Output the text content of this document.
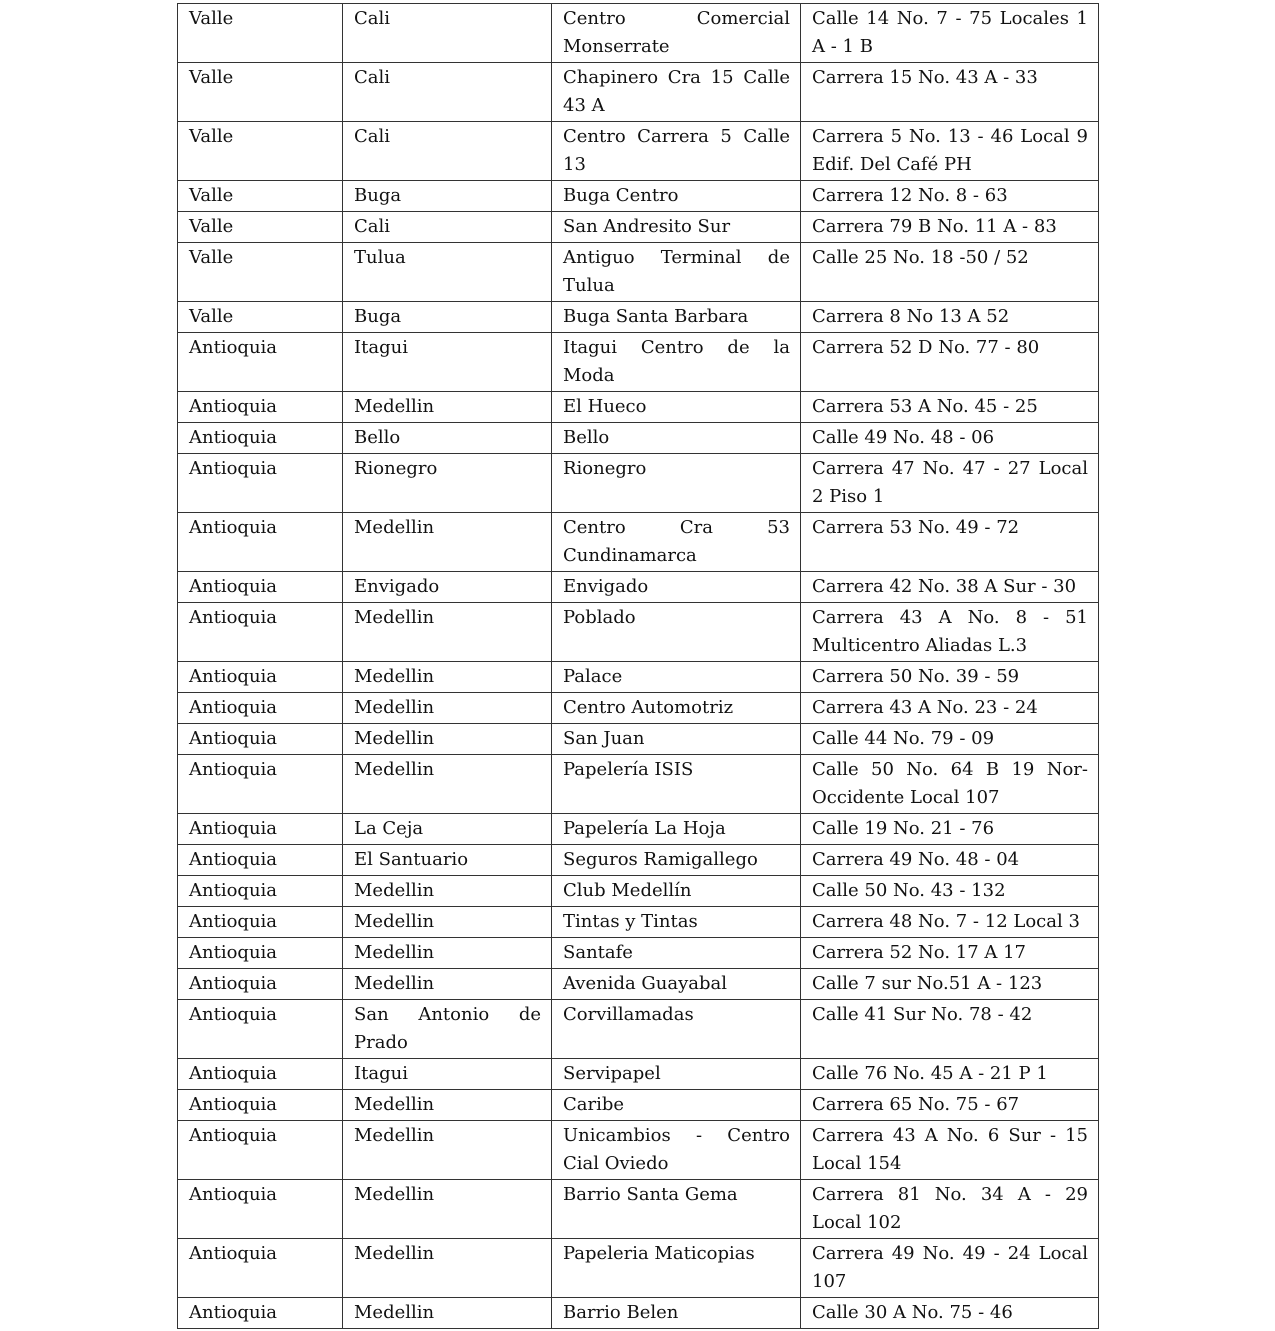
Valle	Cali	Centro Comercial Monserrate	Calle 14 No. 7 - 75 Locales 1 A - 1 B
Valle	Cali	Chapinero Cra 15 Calle 43 A	Carrera 15 No. 43 A - 33
Valle	Cali	Centro Carrera 5 Calle 13	Carrera 5 No. 13 - 46 Local 9 Edif. Del Café PH
Valle	Buga	Buga Centro	Carrera 12 No. 8 - 63
Valle	Cali	San Andresito Sur	Carrera 79 B No. 11 A - 83
Valle	Tulua	Antiguo Terminal de Tulua	Calle 25 No. 18 -50 / 52
Valle	Buga	Buga Santa Barbara	Carrera 8 No 13 A 52
Antioquia	Itagui	Itagui Centro de la Moda	Carrera 52 D No. 77 - 80
Antioquia	Medellin	El Hueco	Carrera 53 A No. 45 - 25
Antioquia	Bello	Bello	Calle 49 No. 48 - 06
Antioquia	Rionegro	Rionegro	Carrera 47 No. 47 - 27 Local 2 Piso 1
Antioquia	Medellin	Centro Cra 53 Cundinamarca	Carrera 53 No. 49 - 72
Antioquia	Envigado	Envigado	Carrera 42 No. 38 A Sur - 30
Antioquia	Medellin	Poblado	Carrera 43 A No. 8 - 51 Multicentro Aliadas L.3
Antioquia	Medellin	Palace	Carrera 50 No. 39 - 59
Antioquia	Medellin	Centro Automotriz	Carrera 43 A No. 23 - 24
Antioquia	Medellin	San Juan	Calle 44 No. 79 - 09
Antioquia	Medellin	Papelería ISIS	Calle 50 No. 64 B 19 Nor-Occidente Local 107
Antioquia	La Ceja	Papelería La Hoja	Calle 19 No. 21 - 76
Antioquia	El Santuario	Seguros Ramigallego	Carrera 49 No. 48 - 04
Antioquia	Medellin	Club Medellín	Calle 50 No. 43 - 132
Antioquia	Medellin	Tintas y Tintas	Carrera 48 No. 7 - 12 Local 3
Antioquia	Medellin	Santafe	Carrera 52 No. 17 A 17
Antioquia	Medellin	Avenida Guayabal	Calle 7 sur No.51 A - 123
Antioquia	San Antonio de Prado	Corvillamadas	Calle 41 Sur No. 78 - 42
Antioquia	Itagui	Servipapel	Calle 76 No. 45 A - 21 P 1
Antioquia	Medellin	Caribe	Carrera 65 No. 75 - 67
Antioquia	Medellin	Unicambios - Centro Cial Oviedo	Carrera 43 A No. 6 Sur - 15 Local 154
Antioquia	Medellin	Barrio Santa Gema	Carrera 81 No. 34 A - 29 Local 102
Antioquia	Medellin	Papeleria Maticopias	Carrera 49 No. 49 - 24 Local 107
Antioquia	Medellin	Barrio Belen	Calle 30 A No. 75 - 46
